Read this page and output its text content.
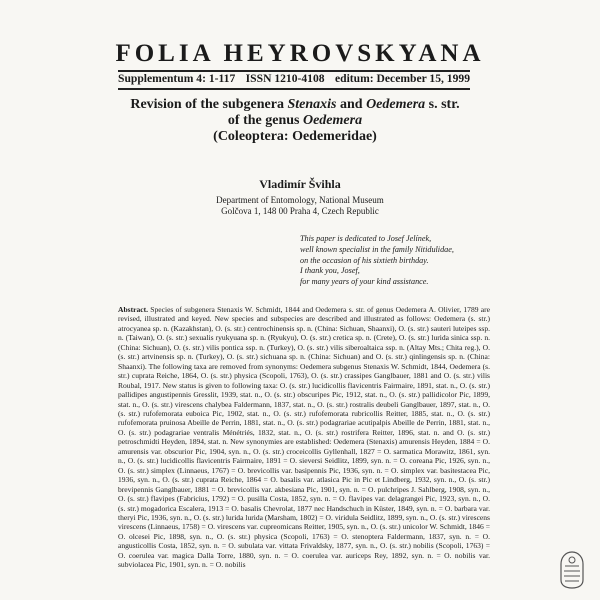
FOLIA HEYROVSKYANA
Supplementum 4: 1-117 ISSN 1210-4108 editum: December 15, 1999
Revision of the subgenera Stenaxis and Oedemera s. str.
of the genus Oedemera
(Coleoptera: Oedemeridae)
Vladimír Švihla
Department of Entomology, National Museum
Golčova 1, 148 00 Praha 4, Czech Republic
This paper is dedicated to Josef Jelínek,
well known specialist in the family Nitidulidae,
on the occasion of his sixtieth birthday.
I thank you, Josef,
for many years of your kind assistance.
Abstract. Species of subgenera Stenaxis W. Schmidt, 1844 and Oedemera s. str. of genus Oedemera A. Olivier, 1789 are revised, illustrated and keyed. New species and subspecies are described and illustrated as follows: Oedemera (s. str.) atrocyanea sp. n. (Kazakhstan), O. (s. str.) centrochinensis sp. n. (China: Sichuan, Shaanxi), O. (s. str.) sauteri luteipes ssp. n. (Taiwan), O. (s. str.) sexualis ryukyuana sp. n. (Ryukyu), O. (s. str.) cretica sp. n. (Crete), O. (s. str.) lurida sinica ssp. n. (China: Sichuan), O. (s. str.) vilis pontica ssp. n. (Turkey), O. (s. str.) vilis siberoaltaica ssp. n. (Altay Mts.; Chita reg.), O. (s. str.) artvinensis sp. n. (Turkey), O. (s. str.) sichuana sp. n. (China: Sichuan) and O. (s. str.) qinlingensis sp. n. (China: Shaanxi). The following taxa are removed from synonyms: Oedemera subgenus Stenaxis W. Schmidt, 1844, Oedemera (s. str.) cuprata Reiche, 1864, O. (s. str.) physica (Scopoli, 1763), O. (s. str.) crassipes Ganglbauer, 1881 and O. (s. str.) vilis Roubal, 1917. New status is given to following taxa: O. (s. str.) lucidicollis flavicentris Fairmaire, 1891, stat. n., O. (s. str.) pallidipes angustipennis Gresslit, 1939, stat. n., O. (s. str.) obscuripes Pic, 1912, stat. n., O. (s. str.) pallidicolor Pic, 1899, stat. n., O. (s. str.) virescens chalybea Faldermann, 1837, stat. n., O. (s. str.) rostralis deubeli Ganglbauer, 1897, stat. n., O. (s. str.) rufofemorata euboica Pic, 1902, stat. n., O. (s. str.) rufofemorata rubricollis Reitter, 1885, stat. n., O. (s. str.) rufofemorata pruinosa Abeille de Perrin, 1881, stat. n., O. (s. str.) podagrariae acutipalpis Abeille de Perrin, 1881, stat. n., O. (s. str.) podagrariae ventralis Ménétriés, 1832, stat. n., O. (s. str.) rostrifera Reitter, 1896, stat. n. and O. (s. str.) petroschmidti Heyden, 1894, stat. n. New synonymies are established: Oedemera (Stenaxis) amurensis Heyden, 1884 = O. amurensis var. obscurior Pic, 1904, syn. n., O. (s. str.) croceicollis Gyllenhall, 1827 = O. sarmatica Morawitz, 1861, syn. n., O. (s. str.) lucidicollis flavicentris Fairmaire, 1891 = O. sieversi Seidlitz, 1899, syn. n. = O. coreana Pic, 1926, syn. n., O. (s. str.) simplex (Linnaeus, 1767) = O. brevicollis var. basipennis Pic, 1936, syn. n. = O. simplex var. basitestacea Pic, 1936, syn. n., O. (s. str.) cuprata Reiche, 1864 = O. basalis var. atlasica Pic in Pic et Lindberg, 1932, syn. n., O. (s. str.) brevipennis Ganglbauer, 1881 = O. brevicollis var. akbesiana Pic, 1901, syn. n. = O. pulchripes J. Sahlberg, 1908, syn. n., O. (s. str.) flavipes (Fabricius, 1792) = O. pusilla Costa, 1852, syn. n. = O. flavipes var. delagrangei Pic, 1923, syn. n., O. (s. str.) mogadorica Escalera, 1913 = O. basalis Chevrolat, 1877 nec Handschuch in Küster, 1849, syn. n. = O. barbara var. theryi Pic, 1936, syn. n., O. (s. str.) lurida lurida (Marsham, 1802) = O. viridula Seidlitz, 1899, syn. n., O. (s. str.) virescens virescens (Linnaeus, 1758) = O. virescens var. cupreomicans Reitter, 1905, syn. n., O. (s. str.) unicolor W. Schmidt, 1846 = O. olcesei Pic, 1898, syn. n., O. (s. str.) physica (Scopoli, 1763) = O. stenoptera Faldermann, 1837, syn. n. = O. angusticollis Costa, 1852, syn. n. = O. subulata var. vittata Frivaldsky, 1877, syn. n., O. (s. str.) nobilis (Scopoli, 1763) = O. coerulea var. magica Dalla Torre, 1880, syn. n. = O. coerulea var. auriceps Rey, 1892, syn. n. = O. nobilis var. subviolacea Pic, 1901, syn. n. = O. nobilis
